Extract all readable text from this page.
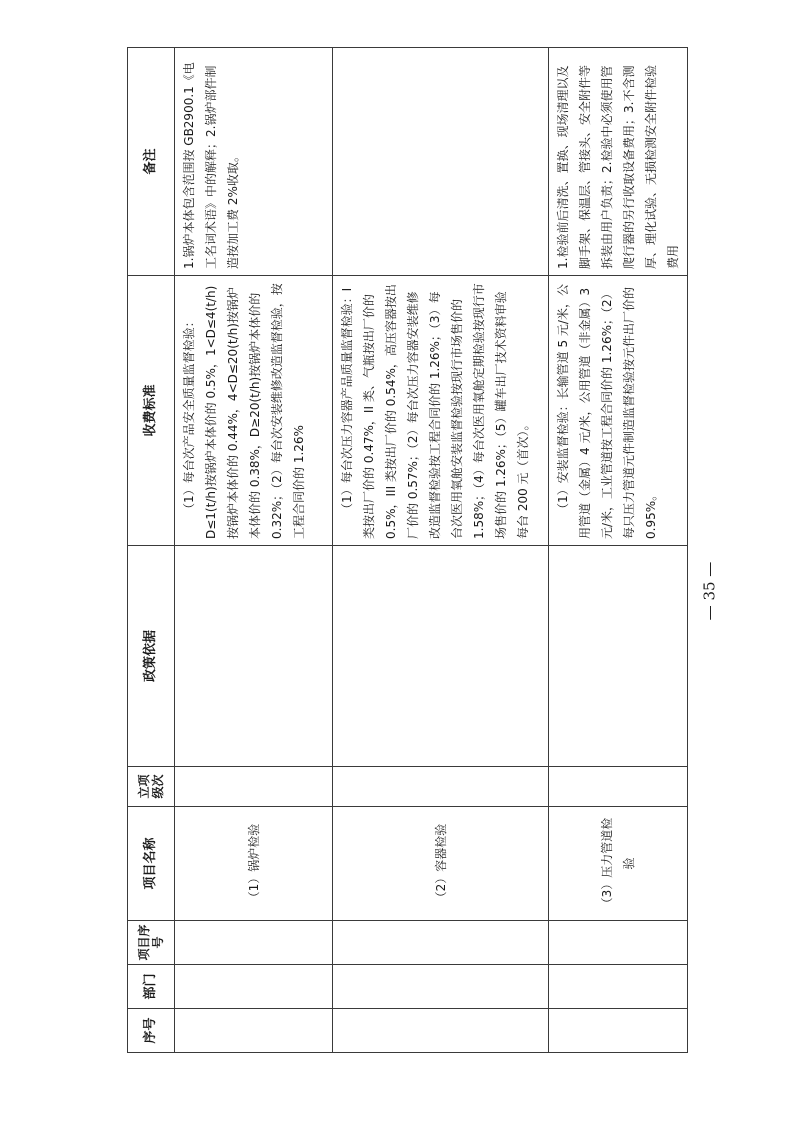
序号	部门	项目序号	项目名称	立项级次	政策依据	收费标准	备注
			（1）锅炉检验			（1）每台次产品安全质量监督检验：D≤1(t/h)按锅炉本体价的 0.5%，1<D≤4(t/h)按锅炉本体价的 0.44%，4<D≤20(t/h)按锅炉本体价的 0.38%，D≥20(t/h)按锅炉本体价的 0.32%；（2）每台次安装维修改造监督检验，按工程合同价的 1.26%	1.锅炉本体包含范围按 GB2900.1《电工名词术语》中的解释；2.锅炉部件制造按加工费 2%收取。

			（2）容器检验			（1）每台次压力容器产品质量监督检验：I 类按出厂价的 0.47%，II 类、气瓶按出厂价的 0.5%，III 类按出厂价的 0.54%，高压容器按出厂价的 0.57%；（2）每台次压力容器安装维修改造监督检验按工程合同价的 1.26%；（3）每台次医用氧舱安装监督检验按现行市场售价的 1.58%；（4）每台次医用氧舱定期检验按现行市场售价的 1.26%；（5）罐车出厂技术资料审验每台 200 元（首次）。	

			（3）压力管道检验			（1）安装监督检验：长输管道 5 元/米，公用管道（金属）4 元/米，公用管道（非金属）3 元/米，工业管道按工程合同价的 1.26%；（2）每只压力管道元件制造监督检验按元件出厂价的 0.95%。	1.检验前后清洗、置换、现场清理以及脚手架、保温层、管接头、安全附件等拆装由用户负责；2.检验中必须使用管爬行器的另行收取设备费用；3.不含测厚、理化试验、无损检测安全附件检验费用

— 35 —
